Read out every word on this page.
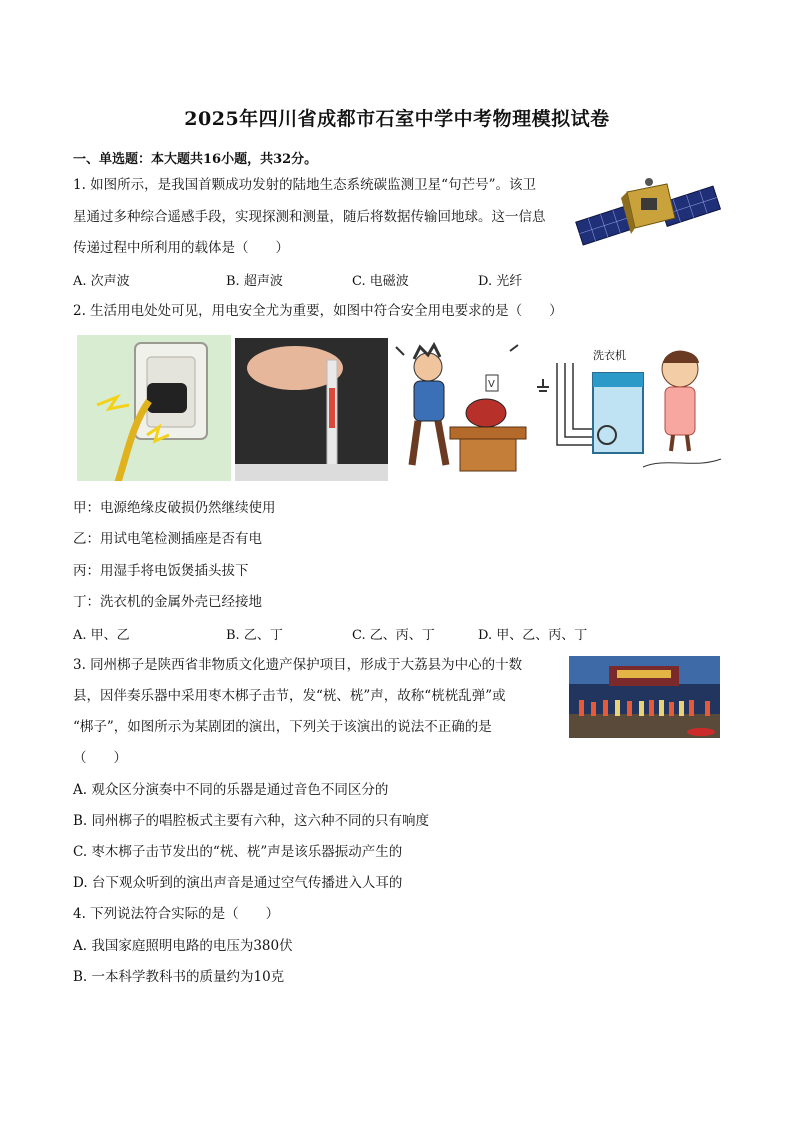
2025年四川省成都市石室中学中考物理模拟试卷
一、单选题：本大题共16小题，共32分。
1. 如图所示，是我国首颗成功发射的陆地生态系统碳监测卫星“句芒号”。该卫
星通过多种综合遥感手段，实现探测和测量，随后将数据传输回地球。这一信息
传递过程中所利用的载体是（　　）
A. 次声波	B. 超声波	C. 电磁波	D. 光纤
2. 生活用电处处可见，用电安全尤为重要，如图中符合安全用电要求的是（　　）
V
洗衣机
甲：电源绝缘皮破损仍然继续使用
乙：用试电笔检测插座是否有电
丙：用湿手将电饭煲插头拔下
丁：洗衣机的金属外壳已经接地
A. 甲、乙	B. 乙、丁	C. 乙、丙、丁	D. 甲、乙、丙、丁
3. 同州梆子是陕西省非物质文化遗产保护项目，形成于大荔县为中心的十数
县，因伴奏乐器中采用枣木梆子击节，发“桄、桄”声，故称“桄桄乱弹”或
“梆子”，如图所示为某剧团的演出，下列关于该演出的说法不正确的是
（　　）
A. 观众区分演奏中不同的乐器是通过音色不同区分的
B. 同州梆子的唱腔板式主要有六种，这六种不同的只有响度
C. 枣木梆子击节发出的“桄、桄”声是该乐器振动产生的
D. 台下观众听到的演出声音是通过空气传播进入人耳的
4. 下列说法符合实际的是（　　）
A. 我国家庭照明电路的电压为380伏
B. 一本科学教科书的质量约为10克
